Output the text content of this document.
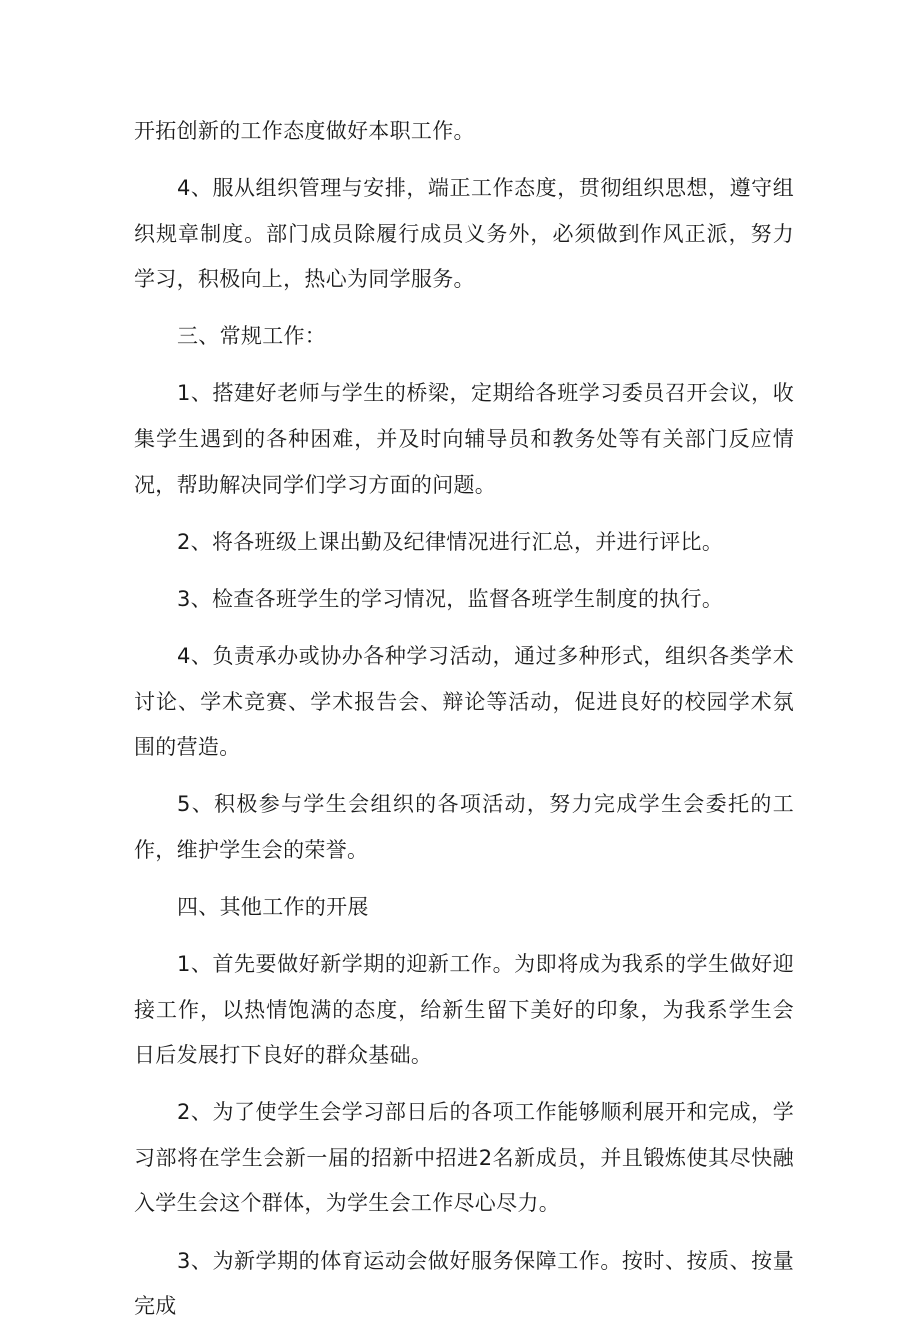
开拓创新的工作态度做好本职工作。

4、服从组织管理与安排，端正工作态度，贯彻组织思想，遵守组织规章制度。部门成员除履行成员义务外，必须做到作风正派，努力学习，积极向上，热心为同学服务。

三、常规工作：

1、搭建好老师与学生的桥梁，定期给各班学习委员召开会议，收集学生遇到的各种困难，并及时向辅导员和教务处等有关部门反应情况，帮助解决同学们学习方面的问题。

2、将各班级上课出勤及纪律情况进行汇总，并进行评比。

3、检查各班学生的学习情况，监督各班学生制度的执行。

4、负责承办或协办各种学习活动，通过多种形式，组织各类学术讨论、学术竞赛、学术报告会、辩论等活动，促进良好的校园学术氛围的营造。

5、积极参与学生会组织的各项活动，努力完成学生会委托的工作，维护学生会的荣誉。

四、其他工作的开展

1、首先要做好新学期的迎新工作。为即将成为我系的学生做好迎接工作，以热情饱满的态度，给新生留下美好的印象，为我系学生会日后发展打下良好的群众基础。

2、为了使学生会学习部日后的各项工作能够顺利展开和完成，学习部将在学生会新一届的招新中招进2名新成员，并且锻炼使其尽快融入学生会这个群体，为学生会工作尽心尽力。

3、为新学期的体育运动会做好服务保障工作。按时、按质、按量完成
